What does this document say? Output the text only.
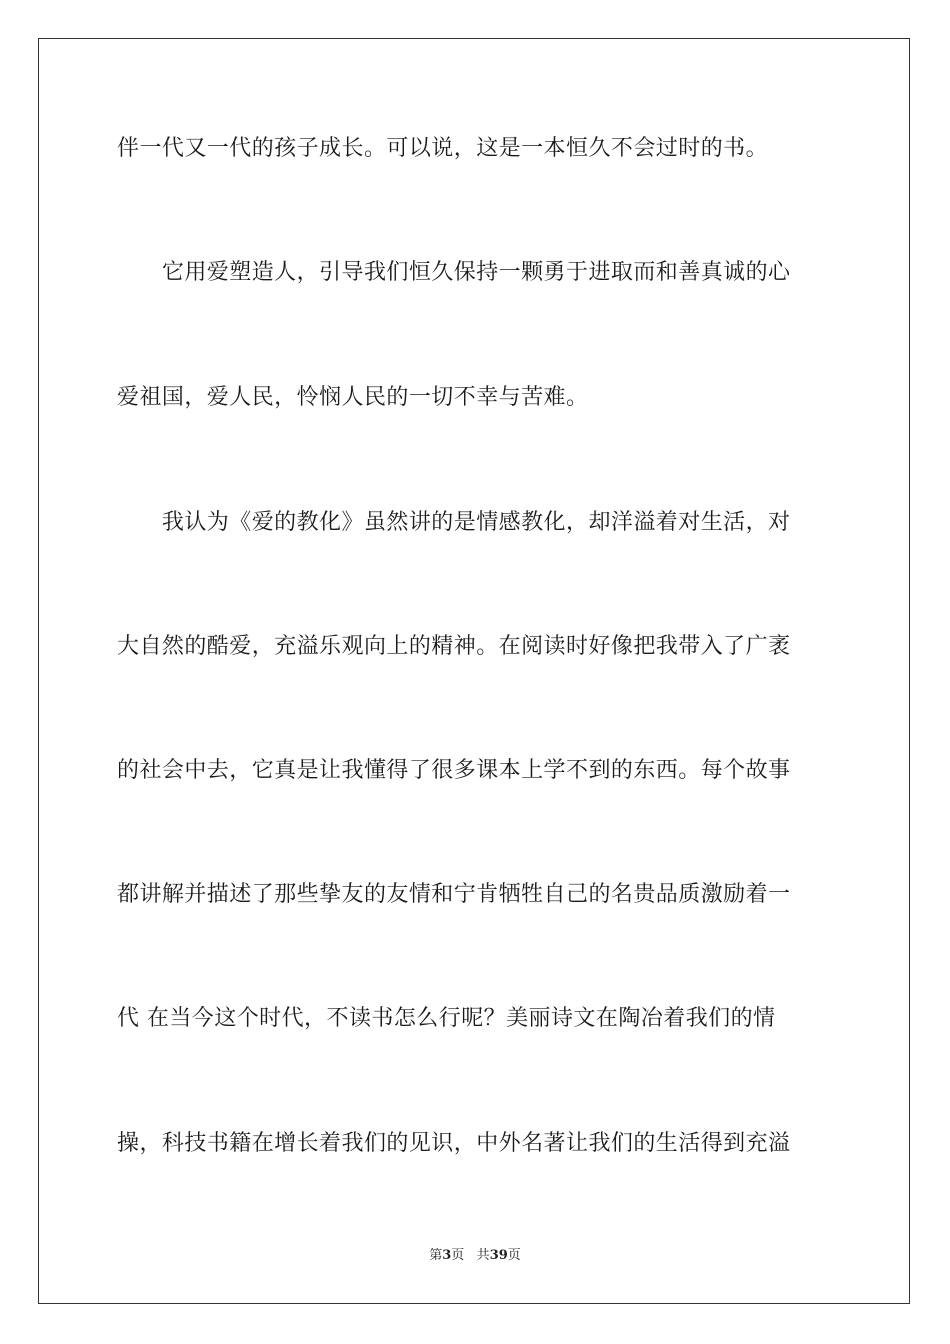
伴一代又一代的孩子成长。可以说，这是一本恒久不会过时的书。
　　它用爱塑造人，引导我们恒久保持一颗勇于进取而和善真诚的心
爱祖国，爱人民，怜悯人民的一切不幸与苦难。
　　我认为《爱的教化》虽然讲的是情感教化，却洋溢着对生活，对
大自然的酷爱，充溢乐观向上的精神。在阅读时好像把我带入了广袤
的社会中去，它真是让我懂得了很多课本上学不到的东西。每个故事
都讲解并描述了那些挚友的友情和宁肯牺牲自己的名贵品质激励着一
代 在当今这个时代，不读书怎么行呢？美丽诗文在陶冶着我们的情
操，科技书籍在增长着我们的见识，中外名著让我们的生活得到充溢
第3页 共39页
